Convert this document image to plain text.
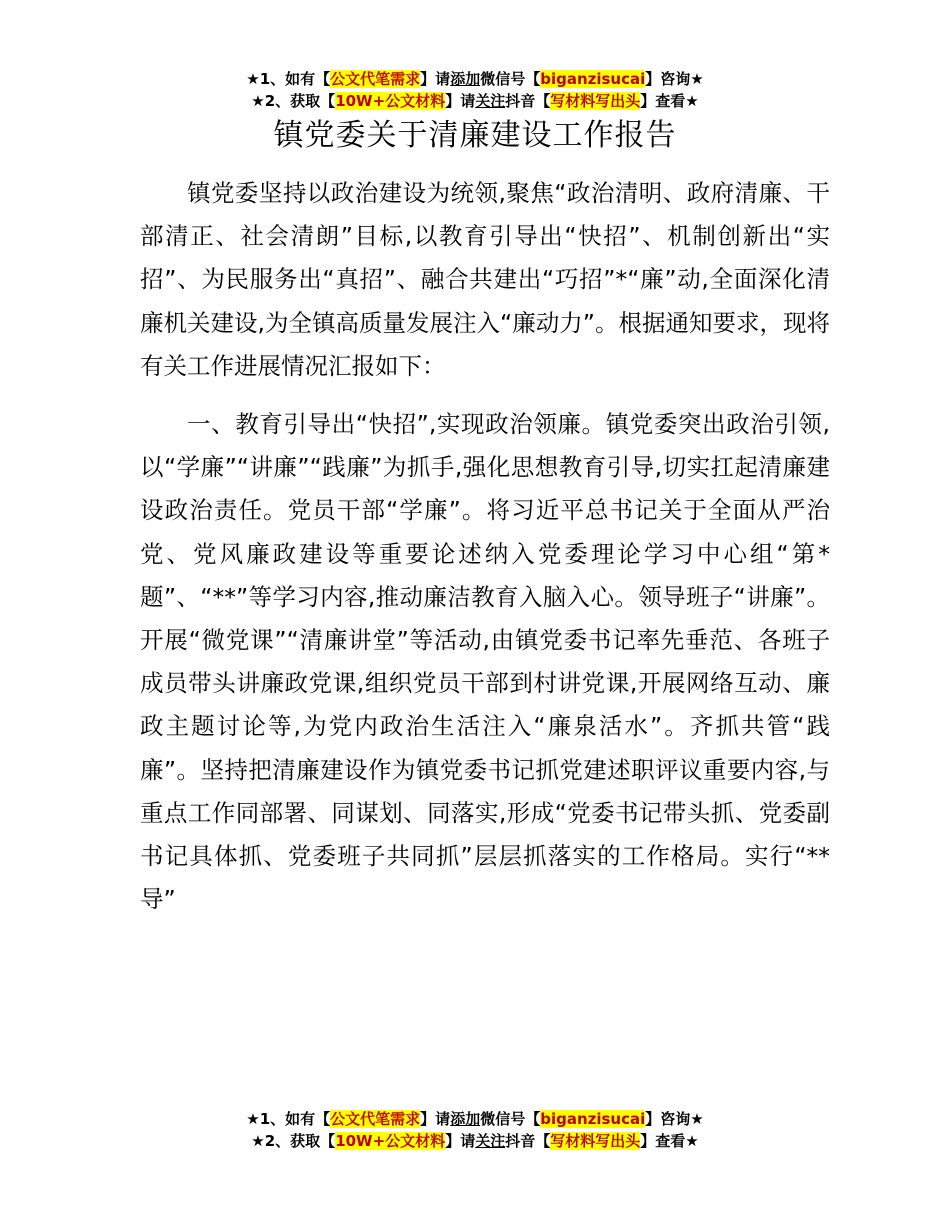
★1、如有【公文代笔需求】请添加微信号【biganzisucai】咨询★
★2、获取【10W+公文材料】请关注抖音【写材料写出头】查看★
镇党委关于清廉建设工作报告

镇党委坚持以政治建设为统领,聚焦“政治清明、政府清廉、干部清正、社会清朗”目标,以教育引导出“快招”、机制创新出“实招”、为民服务出“真招”、融合共建出“巧招”*“廉”动,全面深化清廉机关建设,为全镇高质量发展注入“廉动力”。根据通知要求，现将有关工作进展情况汇报如下：

一、教育引导出“快招”,实现政治领廉。镇党委突出政治引领,以“学廉”“讲廉”“践廉”为抓手,强化思想教育引导,切实扛起清廉建设政治责任。党员干部“学廉”。将习近平总书记关于全面从严治党、党风廉政建设等重要论述纳入党委理论学习中心组“第*题”、“**”等学习内容,推动廉洁教育入脑入心。领导班子“讲廉”。开展“微党课”“清廉讲堂”等活动,由镇党委书记率先垂范、各班子成员带头讲廉政党课,组织党员干部到村讲党课,开展网络互动、廉政主题讨论等,为党内政治生活注入“廉泉活水”。齐抓共管“践廉”。坚持把清廉建设作为镇党委书记抓党建述职评议重要内容,与重点工作同部署、同谋划、同落实,形成“党委书记带头抓、党委副书记具体抓、党委班子共同抓”层层抓落实的工作格局。实行“**导”

★1、如有【公文代笔需求】请添加微信号【biganzisucai】咨询★
★2、获取【10W+公文材料】请关注抖音【写材料写出头】查看★
